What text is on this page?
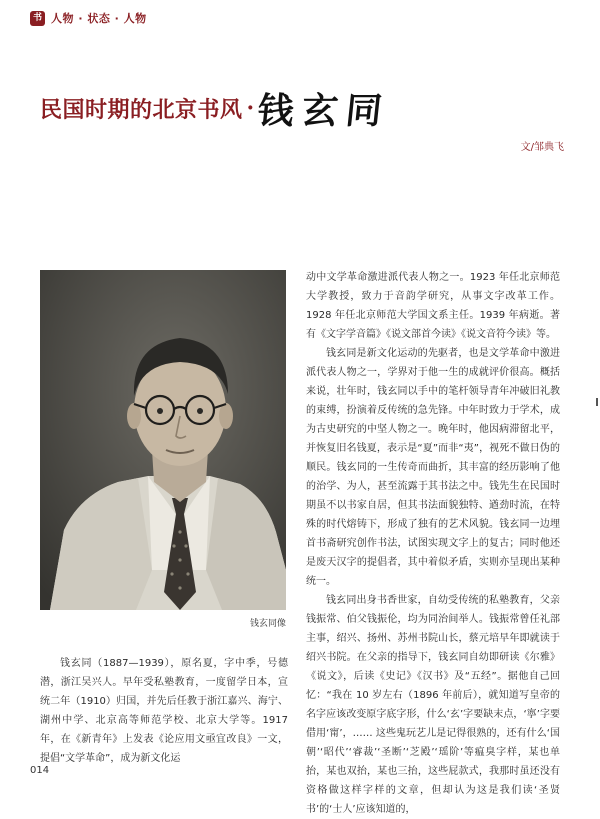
书 人物 · 状态 · 人物
民国时期的北京书风 · 钱玄同
文/邹典飞
钱玄同像

钱玄同（1887—1939），原名夏，字中季，号德潜，浙江吴兴人。早年受私塾教育，一度留学日本，宣统二年（1910）归国，并先后任教于浙江嘉兴、海宁、湖州中学、北京高等师范学校、北京大学等。1917 年，在《新青年》上发表《论应用文亟宜改良》一文，提倡“文学革命”，成为新文化运

动中文学革命激进派代表人物之一。1923 年任北京师范大学教授，致力于音韵学研究，从事文字改革工作。1928 年任北京师范大学国文系主任。1939 年病逝。著有《文字学音篇》《说文部首今读》《说文音符今读》等。

钱玄同是新文化运动的先驱者，也是文学革命中激进派代表人物之一，学界对于他一生的成就评价很高。概括来说，壮年时，钱玄同以手中的笔杆领导青年冲破旧礼教的束缚，扮演着反传统的急先锋。中年时致力于学术，成为古史研究的中坚人物之一。晚年时，他因病滞留北平，并恢复旧名钱夏，表示是“夏”而非“夷”，视死不做日伪的顺民。钱玄同的一生传奇而曲折，其丰富的经历影响了他的治学、为人，甚至流露于其书法之中。钱先生在民国时期虽不以书家自居，但其书法面貌独特、遒劲时流，在特殊的时代熔铸下，形成了独有的艺术风貌。钱玄同一边埋首书斋研究创作书法，试图实现文字上的复古；同时他还是废天汉字的提倡者，其中着似矛盾，实则亦呈现出某种统一。

钱玄同出身书香世家，自幼受传统的私塾教育，父亲钱振常、伯父钱振伦，均为同治间举人。钱振常曾任礼部主事，绍兴、扬州、苏州书院山长，蔡元培早年即就读于绍兴书院。在父亲的指导下，钱玄同自幼即研读《尔雅》《说文》，后读《史记》《汉书》及“五经”。据他自己回忆：“我在 10 岁左右（1896 年前后），就知道写皇帝的名字应该改变原字底字形，什么‘玄’字要缺末点，‘寧’字要借用‘甯’，…… 这些鬼玩艺儿是记得很熟的，还有什么‘国朝’‘昭代’‘睿裁’‘圣断’‘芝殿’‘瑶阶’等瘟臭字样，某也单抬，某也双抬，某也三抬，这些屁款式，我那时虽还没有资格做这样字样的文章，但却认为这是我们读‘圣贤书’的‘士人’应该知道的，

014
